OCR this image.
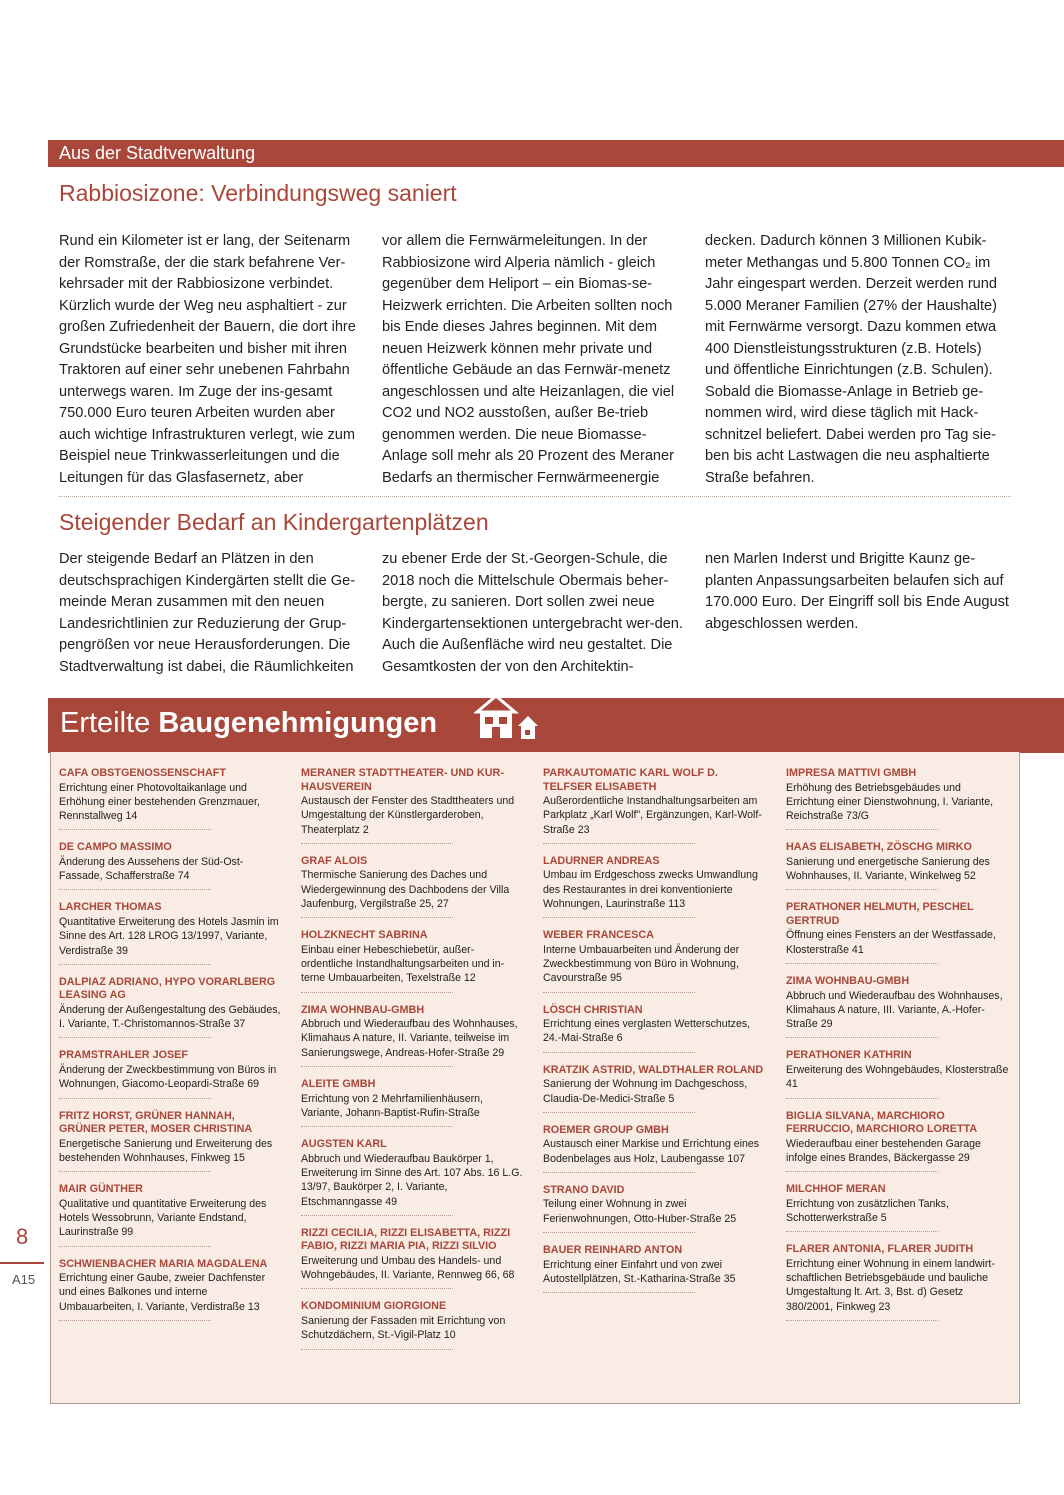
Aus der Stadtverwaltung
Rabbiosizone: Verbindungsweg saniert

Rund ein Kilometer ist er lang, der Seitenarm der Romstraße, der die stark befahrene Ver-kehrsader mit der Rabbiosizone verbindet. Kürzlich wurde der Weg neu asphaltiert - zur großen Zufriedenheit der Bauern, die dort ihre Grundstücke bearbeiten und bisher mit ihren Traktoren auf einer sehr unebenen Fahrbahn unterwegs waren. Im Zuge der ins-gesamt 750.000 Euro teuren Arbeiten wurden aber auch wichtige Infrastrukturen verlegt, wie zum Beispiel neue Trinkwasserleitungen und die Leitungen für das Glasfasernetz, aber

vor allem die Fernwärmeleitungen. In der Rabbiosizone wird Alperia nämlich - gleich gegenüber dem Heliport – ein Biomas-se-Heizwerk errichten. Die Arbeiten sollten noch bis Ende dieses Jahres beginnen. Mit dem neuen Heizwerk können mehr private und öffentliche Gebäude an das Fernwär-menetz angeschlossen und alte Heizanlagen, die viel CO2 und NO2 ausstoßen, außer Be-trieb genommen werden. Die neue Biomasse-Anlage soll mehr als 20 Prozent des Meraner Bedarfs an thermischer Fernwärmeenergie

decken. Dadurch können 3 Millionen Kubik-meter Methangas und 5.800 Tonnen CO₂ im Jahr eingespart werden. Derzeit werden rund 5.000 Meraner Familien (27% der Haushalte) mit Fernwärme versorgt. Dazu kommen etwa 400 Dienstleistungsstrukturen (z.B. Hotels) und öffentliche Einrichtungen (z.B. Schulen). Sobald die Biomasse-Anlage in Betrieb ge-nommen wird, wird diese täglich mit Hack-schnitzel beliefert. Dabei werden pro Tag sie-ben bis acht Lastwagen die neu asphaltierte Straße befahren.

Steigender Bedarf an Kindergartenplätzen

Der steigende Bedarf an Plätzen in den deutschsprachigen Kindergärten stellt die Ge-meinde Meran zusammen mit den neuen Landesrichtlinien zur Reduzierung der Grup-pengrößen vor neue Herausforderungen. Die Stadtverwaltung ist dabei, die Räumlichkeiten

zu ebener Erde der St.-Georgen-Schule, die 2018 noch die Mittelschule Obermais beher-bergte, zu sanieren. Dort sollen zwei neue Kindergartensektionen untergebracht wer-den. Auch die Außenfläche wird neu gestaltet. Die Gesamtkosten der von den Architektin-

nen Marlen Inderst und Brigitte Kaunz ge-planten Anpassungsarbeiten belaufen sich auf 170.000 Euro. Der Eingriff soll bis Ende August abgeschlossen werden.

Erteilte Baugenehmigungen
CAFA OBSTGENOSSENSCHAFT
Errichtung einer Photovoltaikanlage und Erhöhung einer bestehenden Grenzmauer, Rennstallweg 14
DE CAMPO MASSIMO
Änderung des Aussehens der Süd-Ost-Fassade, Schafferstraße 74
LARCHER THOMAS
Quantitative Erweiterung des Hotels Jasmin im Sinne des Art. 128 LROG 13/1997, Variante, Verdistraße 39
DALPIAZ ADRIANO, HYPO VORARLBERG LEASING AG
Änderung der Außengestaltung des Gebäudes, I. Variante, T.-Christomannos-Straße 37
PRAMSTRAHLER JOSEF
Änderung der Zweckbestimmung von Büros in Wohnungen, Giacomo-Leopardi-Straße 69
FRITZ HORST, GRÜNER HANNAH, GRÜNER PETER, MOSER CHRISTINA
Energetische Sanierung und Erweiterung des bestehenden Wohnhauses, Finkweg 15
MAIR GÜNTHER
Qualitative und quantitative Erweiterung des Hotels Wessobrunn, Variante Endstand, Laurinstraße 99
SCHWIENBACHER MARIA MAGDALENA
Errichtung einer Gaube, zweier Dachfenster und eines Balkones und interne Umbauarbeiten, I. Variante, Verdistraße 13
MERANER STADTTHEATER- UND KUR-HAUSVEREIN
Austausch der Fenster des Stadttheaters und Umgestaltung der Künstlergarderoben, Theaterplatz 2
GRAF ALOIS
Thermische Sanierung des Daches und Wiedergewinnung des Dachbodens der Villa Jaufenburg, Vergilstraße 25, 27
HOLZKNECHT SABRINA
Einbau einer Hebeschiebetür, außer-ordentliche Instandhaltungsarbeiten und in-terne Umbauarbeiten, Texelstraße 12
ZIMA WOHNBAU-GMBH
Abbruch und Wiederaufbau des Wohnhauses, Klimahaus A nature, II. Variante, teilweise im Sanierungswege, Andreas-Hofer-Straße 29
ALEITE GMBH
Errichtung von 2 Mehrfamilienhäusern, Variante, Johann-Baptist-Rufin-Straße
AUGSTEN KARL
Abbruch und Wiederaufbau Baukörper 1, Erweiterung im Sinne des Art. 107 Abs. 16 L.G. 13/97, Baukörper 2, I. Variante, Etschmanngasse 49
RIZZI CECILIA, RIZZI ELISABETTA, RIZZI FABIO, RIZZI MARIA PIA, RIZZI SILVIO
Erweiterung und Umbau des Handels- und Wohngebäudes, II. Variante, Rennweg 66, 68
KONDOMINIUM GIORGIONE
Sanierung der Fassaden mit Errichtung von Schutzdächern, St.-Vigil-Platz 10
PARKAUTOMATIC KARL WOLF D. TELFSER ELISABETH
Außerordentliche Instandhaltungsarbeiten am Parkplatz „Karl Wolf", Ergänzungen, Karl-Wolf-Straße 23
LADURNER ANDREAS
Umbau im Erdgeschoss zwecks Umwandlung des Restaurantes in drei konventionierte Wohnungen, Laurinstraße 113
WEBER FRANCESCA
Interne Umbauarbeiten und Änderung der Zweckbestimmung von Büro in Wohnung, Cavourstraße 95
LÖSCH CHRISTIAN
Errichtung eines verglasten Wetterschutzes, 24.-Mai-Straße 6
KRATZIK ASTRID, WALDTHALER ROLAND
Sanierung der Wohnung im Dachgeschoss, Claudia-De-Medici-Straße 5
ROEMER GROUP GMBH
Austausch einer Markise und Errichtung eines Bodenbelages aus Holz, Laubengasse 107
STRANO DAVID
Teilung einer Wohnung in zwei Ferienwohnungen, Otto-Huber-Straße 25
BAUER REINHARD ANTON
Errichtung einer Einfahrt und von zwei Autostellplätzen, St.-Katharina-Straße 35
IMPRESA MATTIVI GMBH
Erhöhung des Betriebsgebäudes und Errichtung einer Dienstwohnung, I. Variante, Reichstraße 73/G
HAAS ELISABETH, ZÖSCHG MIRKO
Sanierung und energetische Sanierung des Wohnhauses, II. Variante, Winkelweg 52
PERATHONER HELMUTH, PESCHEL GERTRUD
Öffnung eines Fensters an der Westfassade, Klosterstraße 41
ZIMA WOHNBAU-GMBH
Abbruch und Wiederaufbau des Wohnhauses, Klimahaus A nature, III. Variante, A.-Hofer-Straße 29
PERATHONER KATHRIN
Erweiterung des Wohngebäudes, Klosterstraße 41
BIGLIA SILVANA, MARCHIORO FERRUCCIO, MARCHIORO LORETTA
Wiederaufbau einer bestehenden Garage infolge eines Brandes, Bäckergasse 29
MILCHHOF MERAN
Errichtung von zusätzlichen Tanks, Schotterwerkstraße 5
FLARER ANTONIA, FLARER JUDITH
Errichtung einer Wohnung in einem landwirt-schaftlichen Betriebsgebäude und bauliche Umgestaltung lt. Art. 3, Bst. d) Gesetz 380/2001, Finkweg 23
8
A15
